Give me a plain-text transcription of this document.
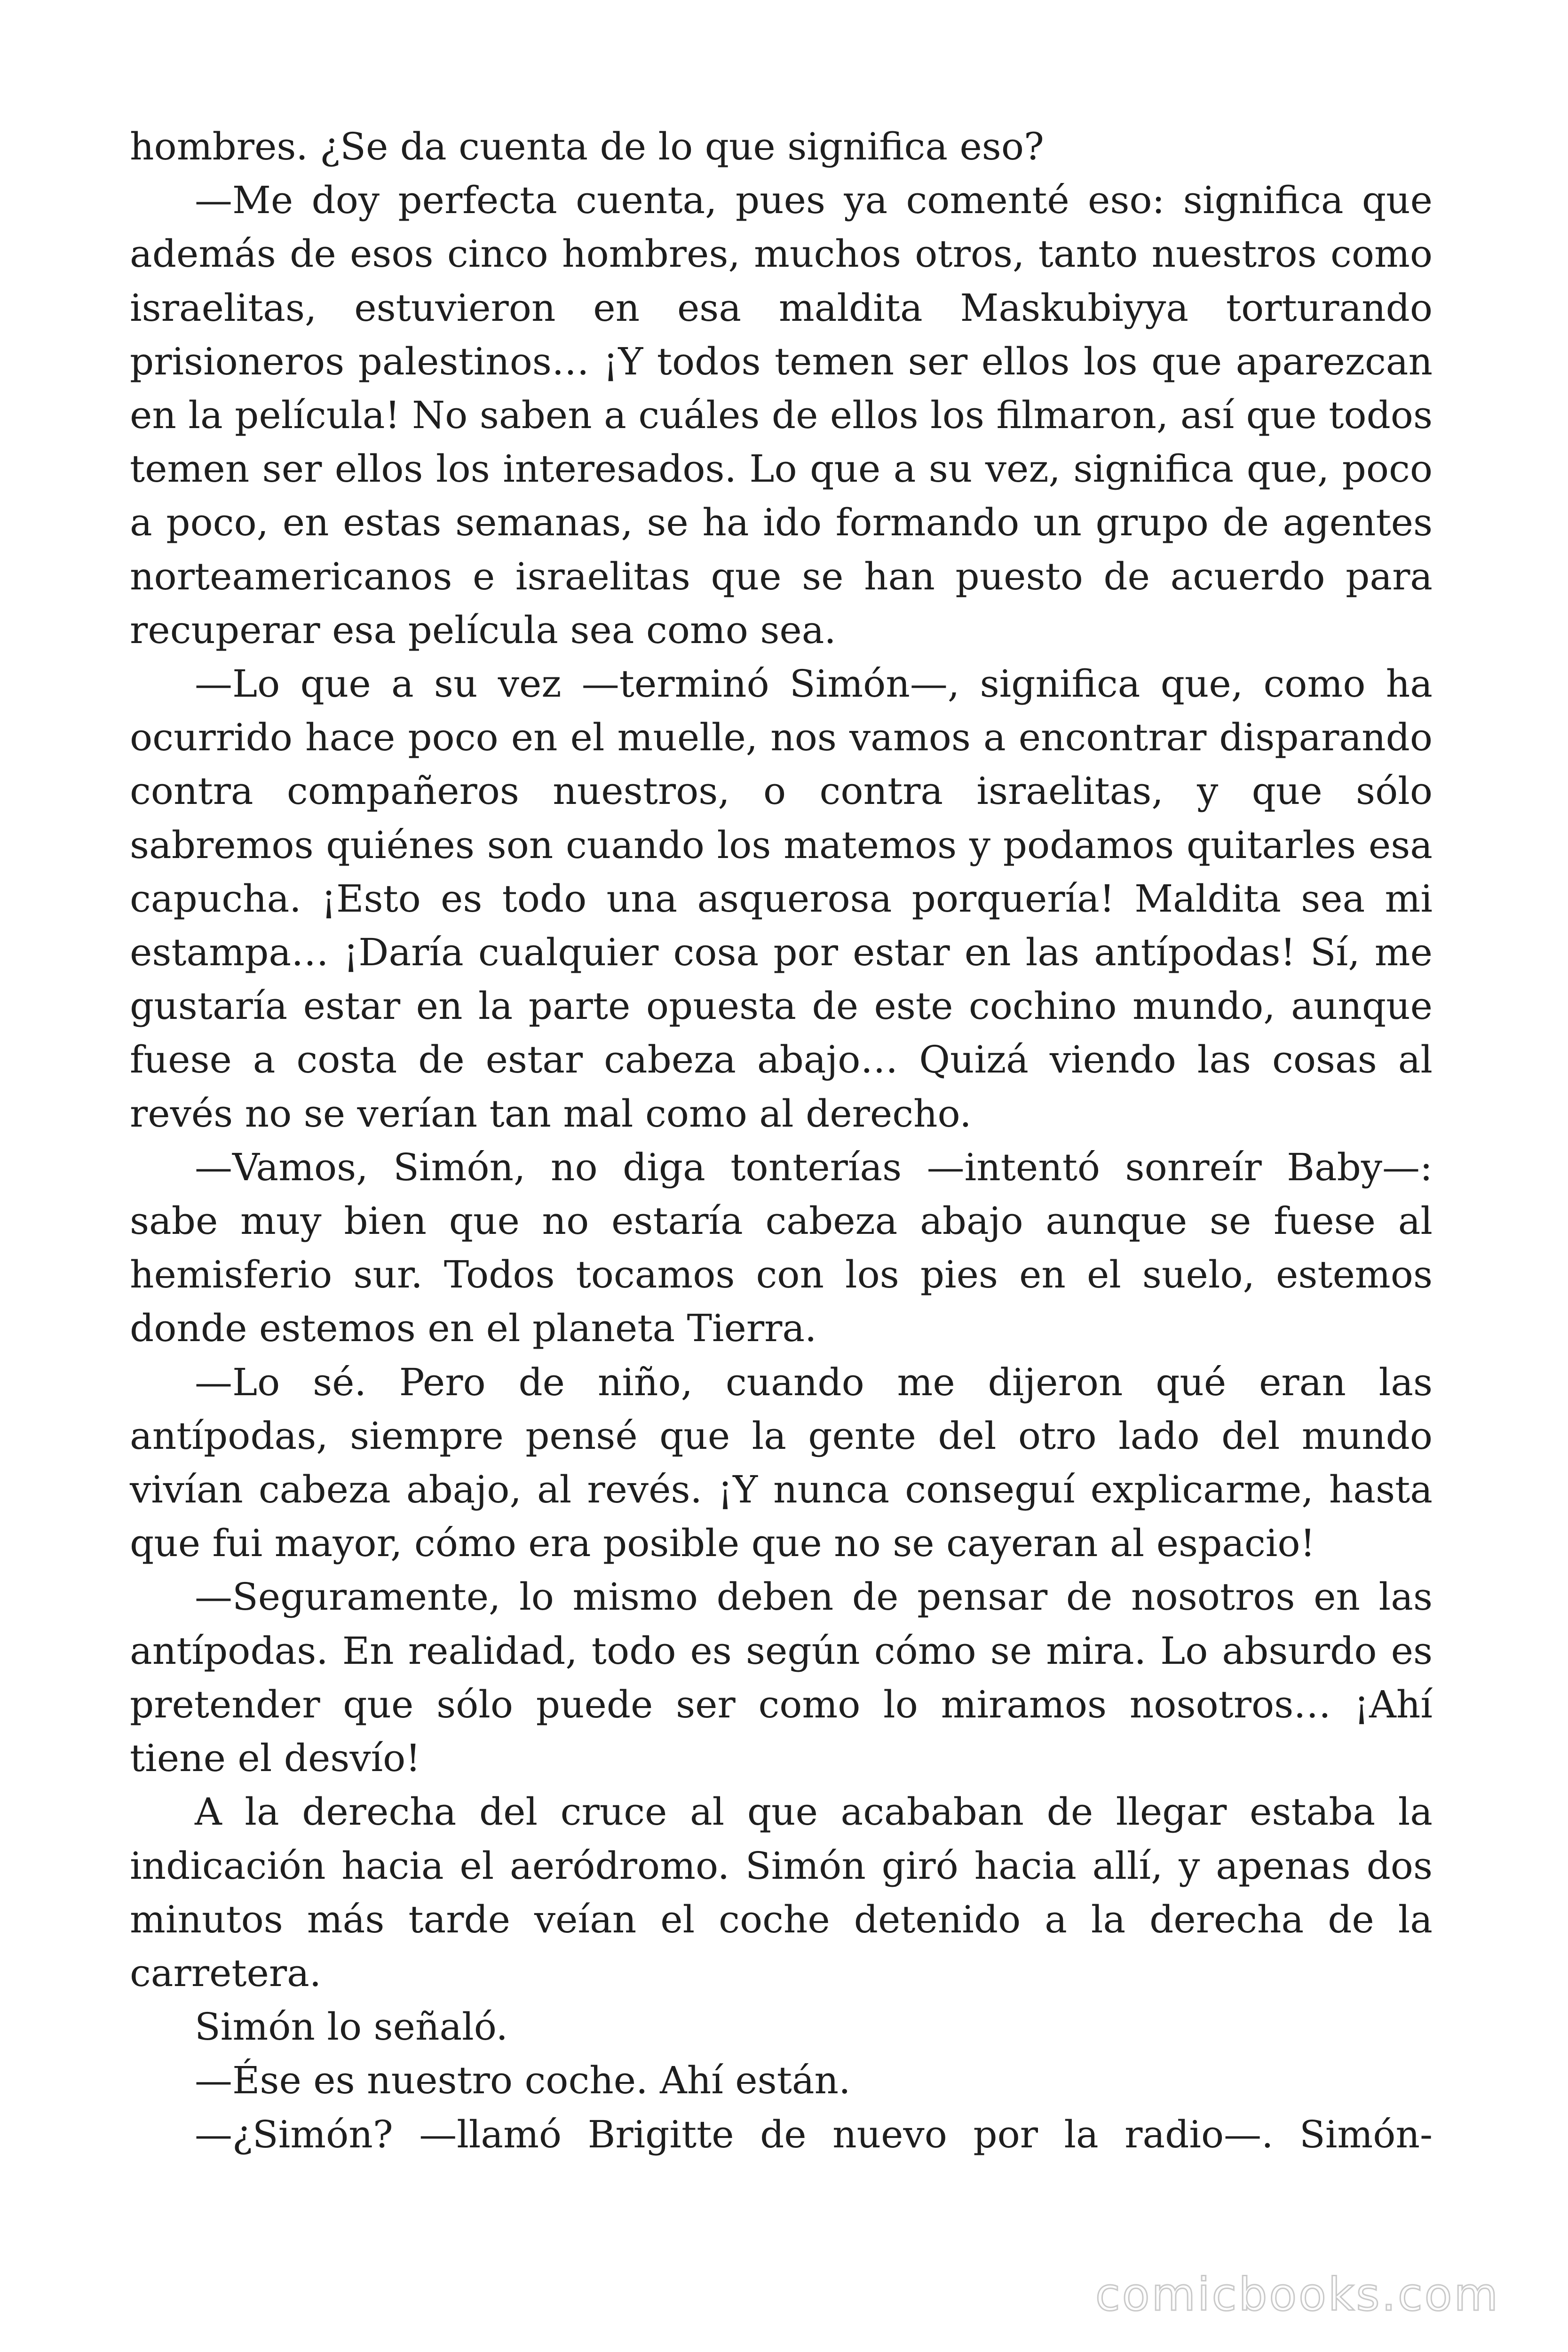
hombres. ¿Se da cuenta de lo que significa eso?

—Me doy perfecta cuenta, pues ya comenté eso: significa que además de esos cinco hombres, muchos otros, tanto nuestros como israelitas, estuvieron en esa maldita Maskubiyya torturando prisioneros palestinos… ¡Y todos temen ser ellos los que aparezcan en la película! No saben a cuáles de ellos los filmaron, así que todos temen ser ellos los interesados. Lo que a su vez, significa que, poco a poco, en estas semanas, se ha ido formando un grupo de agentes norteamericanos e israelitas que se han puesto de acuerdo para recuperar esa película sea como sea.

—Lo que a su vez —terminó Simón—, significa que, como ha ocurrido hace poco en el muelle, nos vamos a encontrar disparando contra compañeros nuestros, o contra israelitas, y que sólo sabremos quiénes son cuando los matemos y podamos quitarles esa capucha. ¡Esto es todo una asquerosa porquería! Maldita sea mi estampa… ¡Daría cualquier cosa por estar en las antípodas! Sí, me gustaría estar en la parte opuesta de este cochino mundo, aunque fuese a costa de estar cabeza abajo… Quizá viendo las cosas al revés no se verían tan mal como al derecho.

—Vamos, Simón, no diga tonterías —intentó sonreír Baby—: sabe muy bien que no estaría cabeza abajo aunque se fuese al hemisferio sur. Todos tocamos con los pies en el suelo, estemos donde estemos en el planeta Tierra.

—Lo sé. Pero de niño, cuando me dijeron qué eran las antípodas, siempre pensé que la gente del otro lado del mundo vivían cabeza abajo, al revés. ¡Y nunca conseguí explicarme, hasta que fui mayor, cómo era posible que no se cayeran al espacio!

—Seguramente, lo mismo deben de pensar de nosotros en las antípodas. En realidad, todo es según cómo se mira. Lo absurdo es pretender que sólo puede ser como lo miramos nosotros… ¡Ahí tiene el desvío!

A la derecha del cruce al que acababan de llegar estaba la indicación hacia el aeródromo. Simón giró hacia allí, y apenas dos minutos más tarde veían el coche detenido a la derecha de la carretera.

Simón lo señaló.

—Ése es nuestro coche. Ahí están.

—¿Simón? —llamó Brigitte de nuevo por la radio—. Simón-

comicbooks.com
